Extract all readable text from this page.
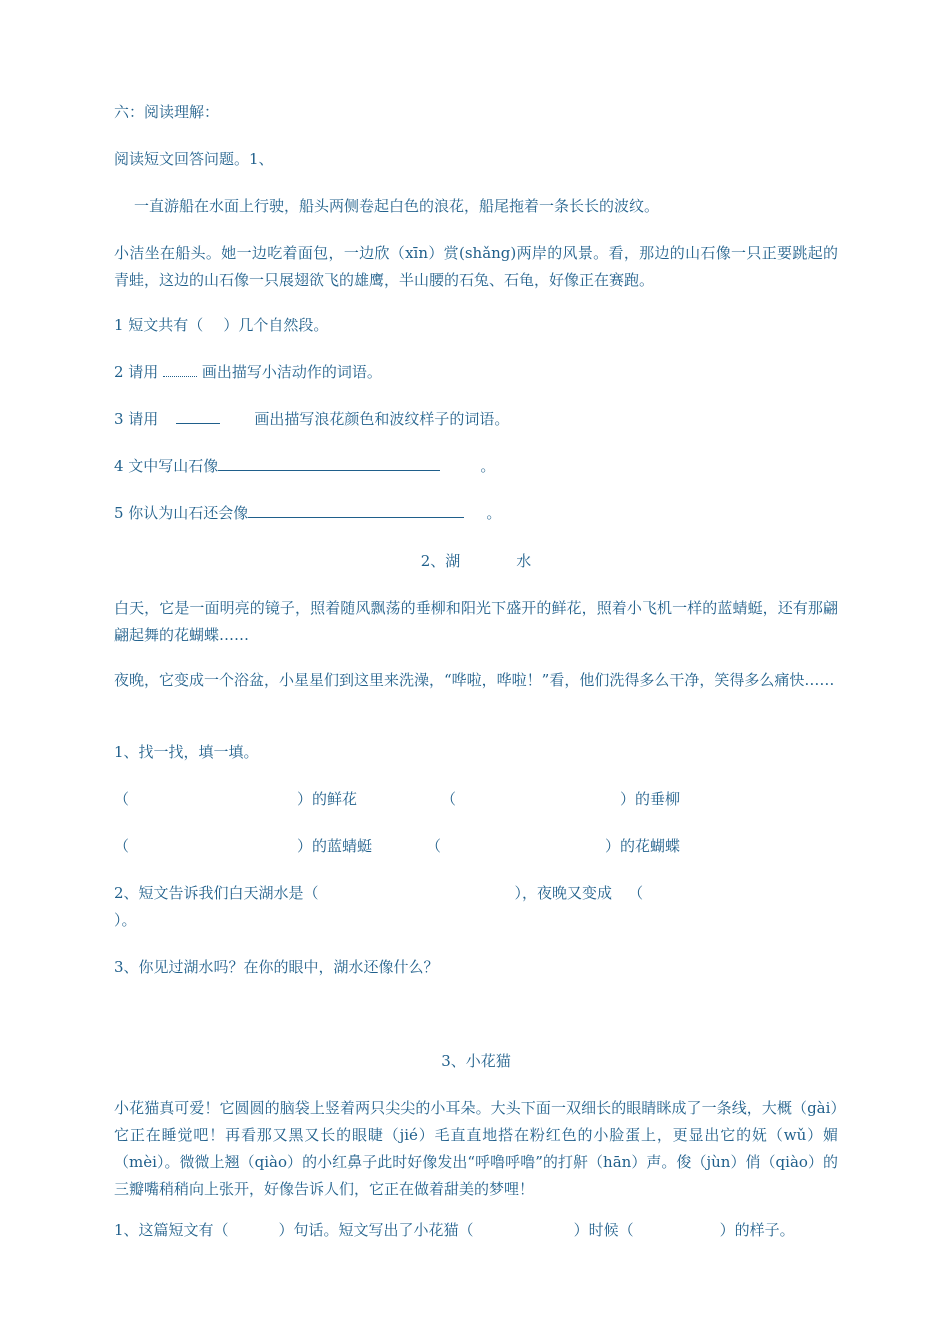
六：阅读理解：
阅读短文回答问题。1、
一直游船在水面上行驶，船头两侧卷起白色的浪花，船尾拖着一条长长的波纹。
小洁坐在船头。她一边吃着面包，一边欣（xīn）赏(shǎng)两岸的风景。看，那边的山石像一只正要跳起的青蛙，这边的山石像一只展翅欲飞的雄鹰，半山腰的石兔、石龟，好像正在赛跑。
1 短文共有（ ）几个自然段。
2 请用	画出描写小洁动作的词语。
3 请用	画出描写浪花颜色和波纹样子的词语。
4 文中写山石像	。
5 你认为山石还会像	。
2、湖	水
白天，它是一面明亮的镜子，照着随风飘荡的垂柳和阳光下盛开的鲜花，照着小飞机一样的蓝蜻蜓，还有那翩翩起舞的花蝴蝶……
夜晚，它变成一个浴盆，小星星们到这里来洗澡，“哗啦，哗啦！”看，他们洗得多么干净，笑得多么痛快……
1、找一找，填一填。
（	）的鲜花	（	）的垂柳
（	）的蓝蜻蜓	（	）的花蝴蝶
2、短文告诉我们白天湖水是（	），夜晚又变成 （
）。
3、你见过湖水吗？在你的眼中，湖水还像什么？
3、小花猫
小花猫真可爱！它圆圆的脑袋上竖着两只尖尖的小耳朵。大头下面一双细长的眼睛眯成了一条线，大概（gài）它正在睡觉吧！再看那又黑又长的眼睫（jié）毛直直地搭在粉红色的小脸蛋上，更显出它的妩（wǔ）媚（mèi）。微微上翘（qiào）的小红鼻子此时好像发出“呼噜呼噜”的打鼾（hān）声。俊（jùn）俏（qiào）的三瓣嘴稍稍向上张开，好像告诉人们，它正在做着甜美的梦哩！
1、这篇短文有（	）句话。短文写出了小花猫（	）时候（	）的样子。
